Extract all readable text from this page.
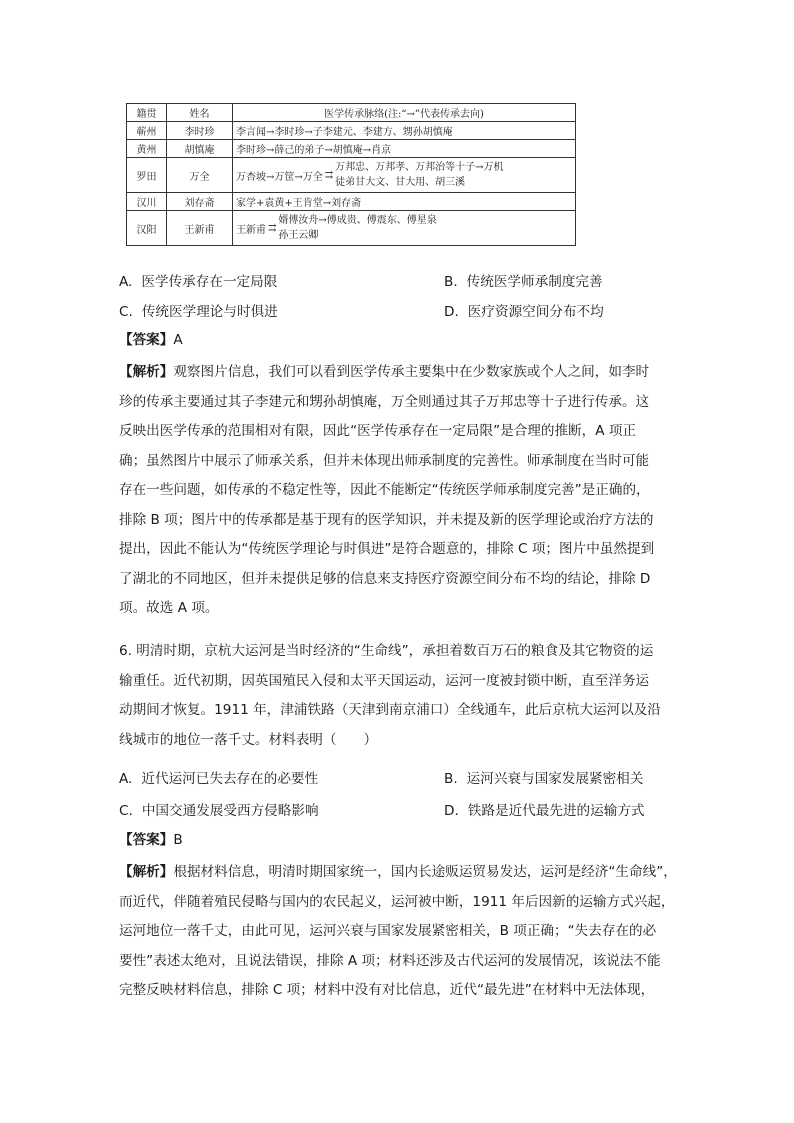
籍贯	姓名	医学传承脉络(注:“→”代表传承去向)
蕲州	李时珍	李言闻→李时珍→子李建元、李建方、甥孙胡慎庵
黄州	胡慎庵	李时珍→薛己的弟子→胡慎庵→肖京
罗田	万全	万杏坡→万筐→万全 ⇉
万邦忠、万邦孝、万邦治等十子→万机
徒弟甘大文、甘大用、胡三溪

汉川	刘存斋	家学+袁黄+王肯堂→刘存斋
汉阳	王新甫	王新甫 ⇉
婿傅汝舟→傅成贵、傅震东、傅星泉
孙王云卿
A. 医学传承存在一定局限	B. 传统医学师承制度完善
C. 传统医学理论与时俱进	D. 医疗资源空间分布不均
【答案】A
【解析】观察图片信息，我们可以看到医学传承主要集中在少数家族或个人之间，如李时
珍的传承主要通过其子李建元和甥孙胡慎庵，万全则通过其子万邦忠等十子进行传承。这
反映出医学传承的范围相对有限，因此“医学传承存在一定局限”是合理的推断，A 项正
确；虽然图片中展示了师承关系，但并未体现出师承制度的完善性。师承制度在当时可能
存在一些问题，如传承的不稳定性等，因此不能断定“传统医学师承制度完善”是正确的，
排除 B 项；图片中的传承都是基于现有的医学知识，并未提及新的医学理论或治疗方法的
提出，因此不能认为“传统医学理论与时俱进”是符合题意的，排除 C 项；图片中虽然提到
了湖北的不同地区，但并未提供足够的信息来支持医疗资源空间分布不均的结论，排除 D
项。故选 A 项。
6. 明清时期，京杭大运河是当时经济的“生命线”，承担着数百万石的粮食及其它物资的运
输重任。近代初期，因英国殖民入侵和太平天国运动，运河一度被封锁中断，直至洋务运
动期间才恢复。1911 年，津浦铁路（天津到南京浦口）全线通车，此后京杭大运河以及沿
线城市的地位一落千丈。材料表明（　　）
A. 近代运河已失去存在的必要性	B. 运河兴衰与国家发展紧密相关
C. 中国交通发展受西方侵略影响	D. 铁路是近代最先进的运输方式
【答案】B
【解析】根据材料信息，明清时期国家统一，国内长途贩运贸易发达，运河是经济“生命线”，
而近代，伴随着殖民侵略与国内的农民起义，运河被中断，1911 年后因新的运输方式兴起，
运河地位一落千丈，由此可见，运河兴衰与国家发展紧密相关，B 项正确；“失去存在的必
要性”表述太绝对，且说法错误，排除 A 项；材料还涉及古代运河的发展情况，该说法不能
完整反映材料信息，排除 C 项；材料中没有对比信息，近代“最先进”在材料中无法体现，
